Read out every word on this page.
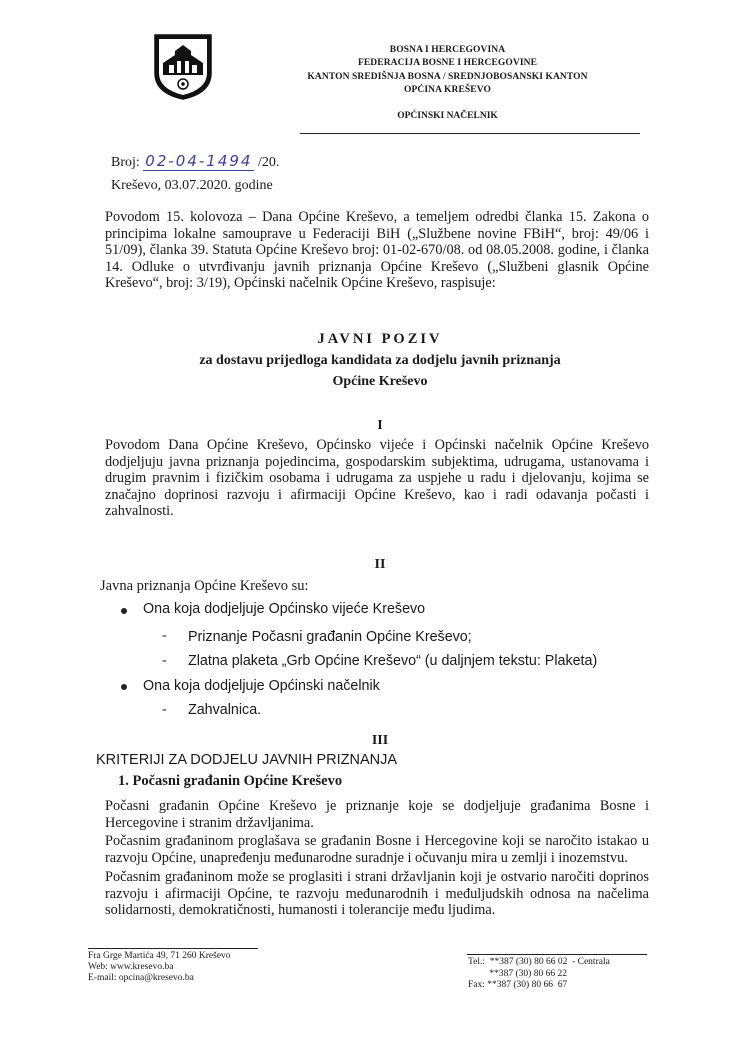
BOSNA I HERCEGOVINA
FEDERACIJA BOSNE I HERCEGOVINE
KANTON SREDIŠNJA BOSNA / SREDNJOBOSANSKI KANTON
OPĆINA KREŠEVO
OPĆINSKI NAČELNIK
Broj: 02-04-1494 /20.
Kreševo, 03.07.2020. godine
Povodom 15. kolovoza – Dana Općine Kreševo, a temeljem odredbi članka 15. Zakona o principima lokalne samouprave u Federaciji BiH („Službene novine FBiH“, broj: 49/06 i 51/09), članka 39. Statuta Općine Kreševo broj: 01-02-670/08. od 08.05.2008. godine, i članka 14. Odluke o utvrđivanju javnih priznanja Općine Kreševo („Službeni glasnik Općine Kreševo“, broj: 3/19), Općinski načelnik Općine Kreševo, raspisuje:
JAVNI POZIV
za dostavu prijedloga kandidata za dodjelu javnih priznanja
Općine Kreševo
I
Povodom Dana Općine Kreševo, Općinsko vijeće i Općinski načelnik Općine Kreševo dodjeljuju javna priznanja pojedincima, gospodarskim subjektima, udrugama, ustanovama i drugim pravnim i fizičkim osobama i udrugama za uspjehe u radu i djelovanju, kojima se značajno doprinosi razvoju i afirmaciji Općine Kreševo, kao i radi odavanja počasti i zahvalnosti.
II
Javna priznanja Općine Kreševo su:
Ona koja dodjeljuje Općinsko vijeće Kreševo
- Priznanje Počasni građanin Općine Kreševo;
- Zlatna plaketa „Grb Općine Kreševo“ (u daljnjem tekstu: Plaketa)
Ona koja dodjeljuje Općinski načelnik
- Zahvalnica.
III
KRITERIJI ZA DODJELU JAVNIH PRIZNANJA
1. Počasni građanin Općine Kreševo
Počasni građanin Općine Kreševo je priznanje koje se dodjeljuje građanima Bosne i Hercegovine i stranim državljanima.
Počasnim građaninom proglašava se građanin Bosne i Hercegovine koji se naročito istakao u razvoju Općine, unapređenju međunarodne suradnje i očuvanju mira u zemlji i inozemstvu.
Počasnim građaninom može se proglasiti i strani državljanin koji je ostvario naročiti doprinos razvoju i afirmaciji Općine, te razvoju međunarodnih i međuljudskih odnosa na načelima solidarnosti, demokratičnosti, humanosti i tolerancije među ljudima.
Fra Grge Martića 49, 71 260 Kreševo
Web: www.kresevo.ba
E-mail: opcina@kresevo.ba
Tel.:  **387 (30) 80 66 02  - Centrala
**387 (30) 80 66 22
Fax: **387 (30) 80 66  67
